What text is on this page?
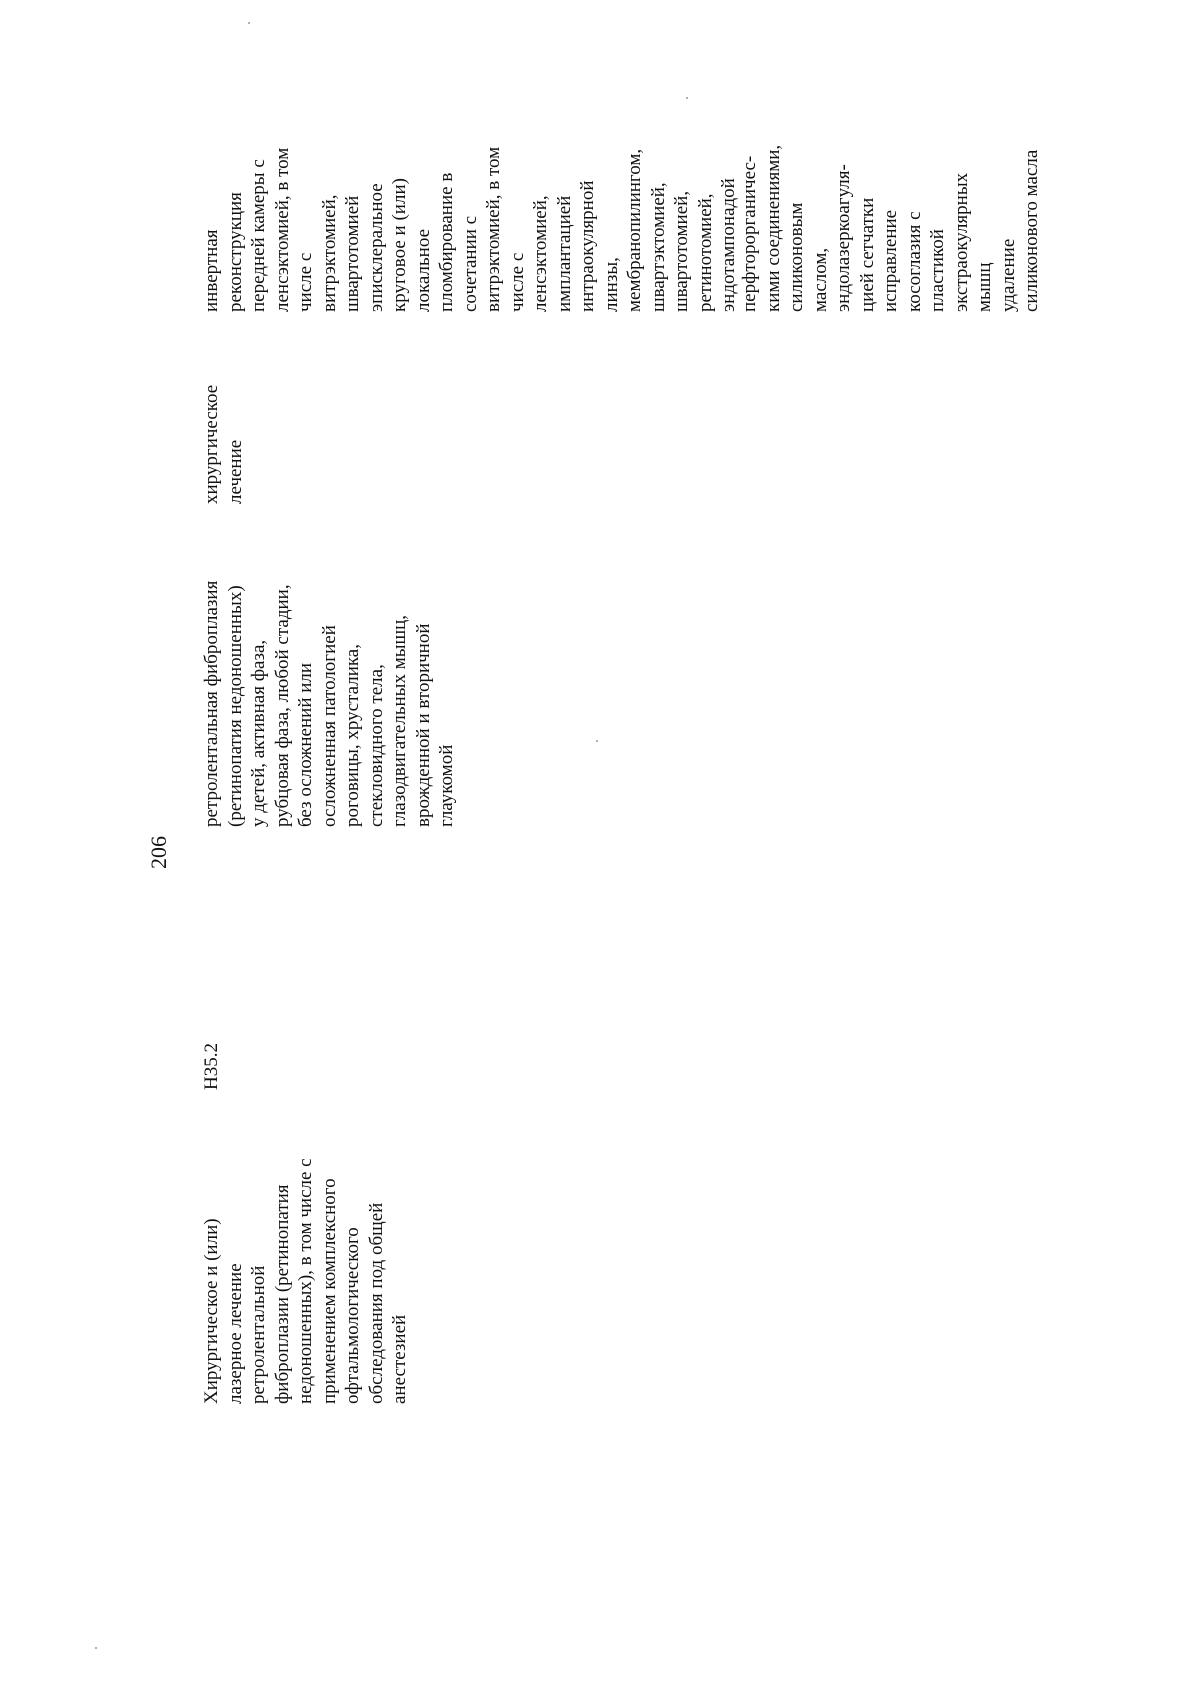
206
Хирургическое и (или)
лазерное лечение
ретролентальной
фиброплазии (ретинопатия
недоношенных), в том числе с
применением комплексного
офтальмологического
обследования под общей
анестезией
H35.2
ретролентальная фиброплазия
(ретинопатия недоношенных)
у детей, активная фаза,
рубцовая фаза, любой стадии,
без осложнений или
осложненная патологией
роговицы, хрусталика,
стекловидного тела,
глазодвигательных мышц,
врожденной и вторичной
глаукомой
хирургическое
лечение
инвертная
реконструкция
передней камеры с
ленсэктомией, в том
числе с
витрэктомией,
швартотомией
эписклеральное
круговое и (или)
локальное
пломбирование в
сочетании с
витрэктомией, в том
числе с
ленсэктомией,
имплантацией
интраокулярной
линзы,
мембранопилингом,
швартэктомией,
швартотомией,
ретинотомией,
эндотампонадой перфторорганичес-
кими соединениями,
силиконовым
маслом,
эндолазеркоагуля-
цией сетчатки
исправление
косоглазия с
пластикой
экстраокулярных
мышц
удаление
силиконового масла
